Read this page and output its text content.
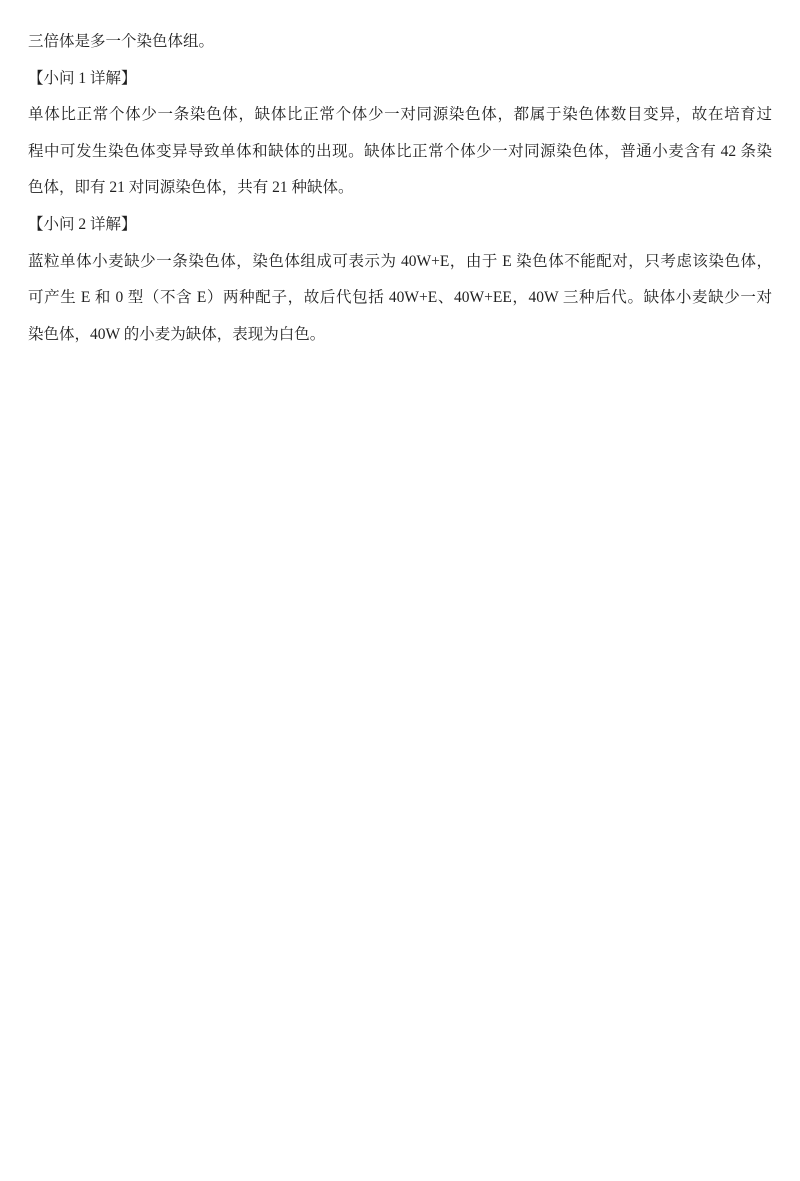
三倍体是多一个染色体组。
【小问 1 详解】
单体比正常个体少一条染色体，缺体比正常个体少一对同源染色体，都属于染色体数目变异，故在培育过
程中可发生染色体变异导致单体和缺体的出现。缺体比正常个体少一对同源染色体，普通小麦含有 42 条染
色体，即有 21 对同源染色体，共有 21 种缺体。
【小问 2 详解】
蓝粒单体小麦缺少一条染色体，染色体组成可表示为 40W+E，由于 E 染色体不能配对，只考虑该染色体，
可产生 E 和 0 型（不含 E）两种配子，故后代包括 40W+E、40W+EE，40W 三种后代。缺体小麦缺少一对
染色体，40W 的小麦为缺体，表现为白色。
